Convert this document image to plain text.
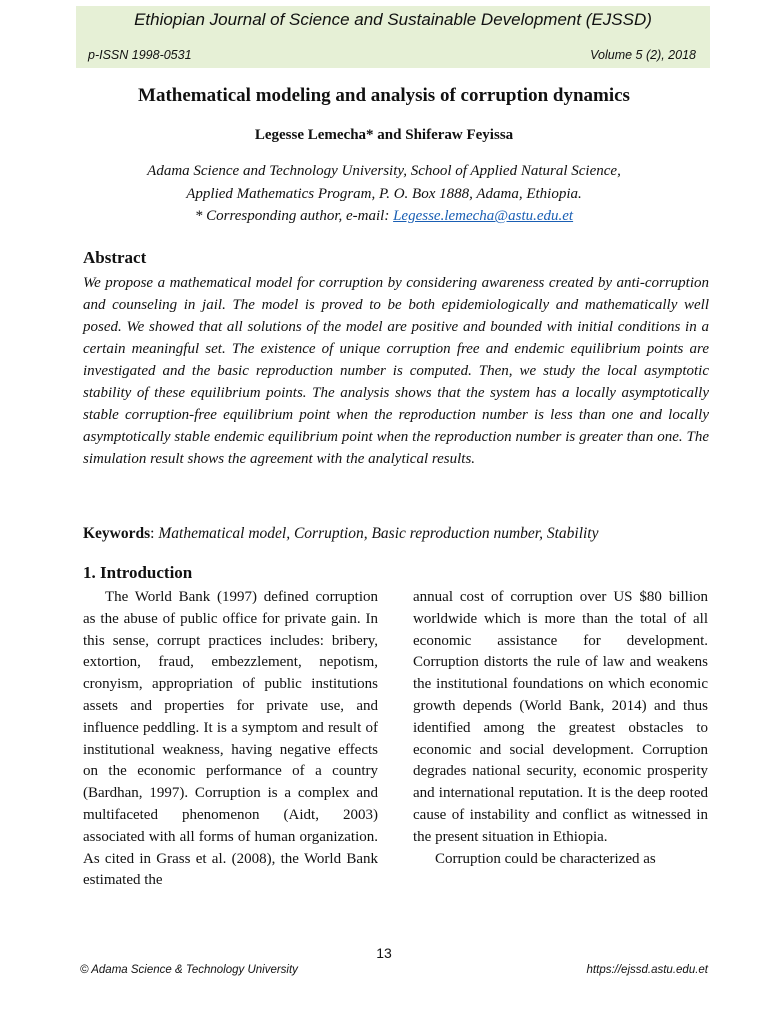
Ethiopian Journal of Science and Sustainable Development (EJSSD)
p-ISSN 1998-0531	Volume 5 (2), 2018
Mathematical modeling and analysis of corruption dynamics
Legesse Lemecha* and Shiferaw Feyissa
Adama Science and Technology University, School of Applied Natural Science,
Applied Mathematics Program, P. O. Box 1888, Adama, Ethiopia.
* Corresponding author, e-mail: Legesse.lemecha@astu.edu.et
Abstract
We propose a mathematical model for corruption by considering awareness created by anti-corruption and counseling in jail. The model is proved to be both epidemiologically and mathematically well posed. We showed that all solutions of the model are positive and bounded with initial conditions in a certain meaningful set. The existence of unique corruption free and endemic equilibrium points are investigated and the basic reproduction number is computed. Then, we study the local asymptotic stability of these equilibrium points. The analysis shows that the system has a locally asymptotically stable corruption-free equilibrium point when the reproduction number is less than one and locally asymptotically stable endemic equilibrium point when the reproduction number is greater than one. The simulation result shows the agreement with the analytical results.
Keywords: Mathematical model, Corruption, Basic reproduction number, Stability
1. Introduction

The World Bank (1997) defined corruption as the abuse of public office for private gain. In this sense, corrupt practices includes: bribery, extortion, fraud, embezzlement, nepotism, cronyism, appropriation of public institutions assets and properties for private use, and influence peddling. It is a symptom and result of institutional weakness, having negative effects on the economic performance of a country (Bardhan, 1997). Corruption is a complex and multifaceted phenomenon (Aidt, 2003) associated with all forms of human organization. As cited in Grass et al. (2008), the World Bank estimated the

annual cost of corruption over US $80 billion worldwide which is more than the total of all economic assistance for development. Corruption distorts the rule of law and weakens the institutional foundations on which economic growth depends (World Bank, 2014) and thus identified among the greatest obstacles to economic and social development. Corruption degrades national security, economic prosperity and international reputation. It is the deep rooted cause of instability and conflict as witnessed in the present situation in Ethiopia.

Corruption could be characterized as

13
© Adama Science & Technology University	https://ejssd.astu.edu.et
